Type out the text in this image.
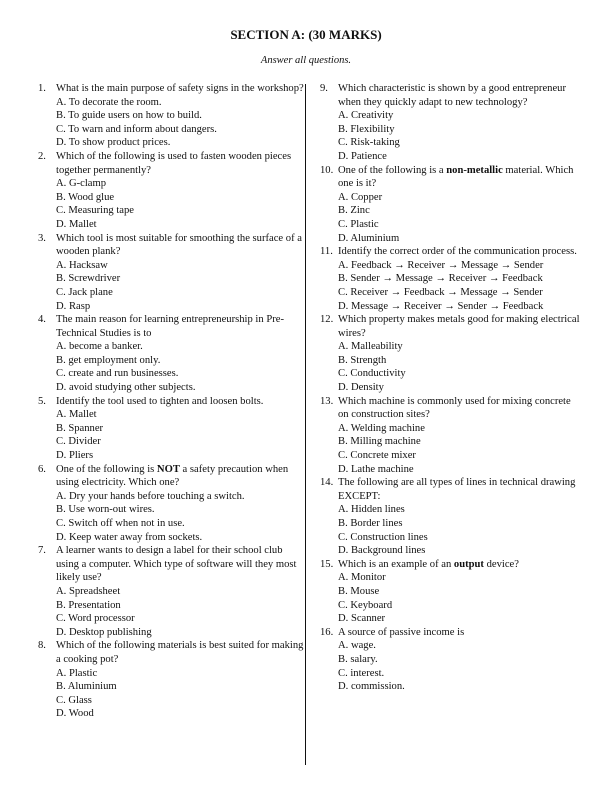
SECTION A: (30 MARKS)
Answer all questions.
1. What is the main purpose of safety signs in the workshop?
A. To decorate the room.
B. To guide users on how to build.
C. To warn and inform about dangers.
D. To show product prices.
2. Which of the following is used to fasten wooden pieces together permanently?
A. G-clamp
B. Wood glue
C. Measuring tape
D. Mallet
3. Which tool is most suitable for smoothing the surface of a wooden plank?
A. Hacksaw
B. Screwdriver
C. Jack plane
D. Rasp
4. The main reason for learning entrepreneurship in Pre-Technical Studies is to
A. become a banker.
B. get employment only.
C. create and run businesses.
D. avoid studying other subjects.
5. Identify the tool used to tighten and loosen bolts.
A. Mallet
B. Spanner
C. Divider
D. Pliers
6. One of the following is NOT a safety precaution when using electricity. Which one?
A. Dry your hands before touching a switch.
B. Use worn-out wires.
C. Switch off when not in use.
D. Keep water away from sockets.
7. A learner wants to design a label for their school club using a computer. Which type of software will they most likely use?
A. Spreadsheet
B. Presentation
C. Word processor
D. Desktop publishing
8. Which of the following materials is best suited for making a cooking pot?
A. Plastic
B. Aluminium
C. Glass
D. Wood
9. Which characteristic is shown by a good entrepreneur when they quickly adapt to new technology?
A. Creativity
B. Flexibility
C. Risk-taking
D. Patience
10. One of the following is a non-metallic material. Which one is it?
A. Copper
B. Zinc
C. Plastic
D. Aluminium
11. Identify the correct order of the communication process.
A. Feedback → Receiver → Message → Sender
B. Sender → Message → Receiver → Feedback
C. Receiver → Feedback → Message → Sender
D. Message → Receiver → Sender → Feedback
12. Which property makes metals good for making electrical wires?
A. Malleability
B. Strength
C. Conductivity
D. Density
13. Which machine is commonly used for mixing concrete on construction sites?
A. Welding machine
B. Milling machine
C. Concrete mixer
D. Lathe machine
14. The following are all types of lines in technical drawing EXCEPT:
A. Hidden lines
B. Border lines
C. Construction lines
D. Background lines
15. Which is an example of an output device?
A. Monitor
B. Mouse
C. Keyboard
D. Scanner
16. A source of passive income is
A. wage.
B. salary.
C. interest.
D. commission.
